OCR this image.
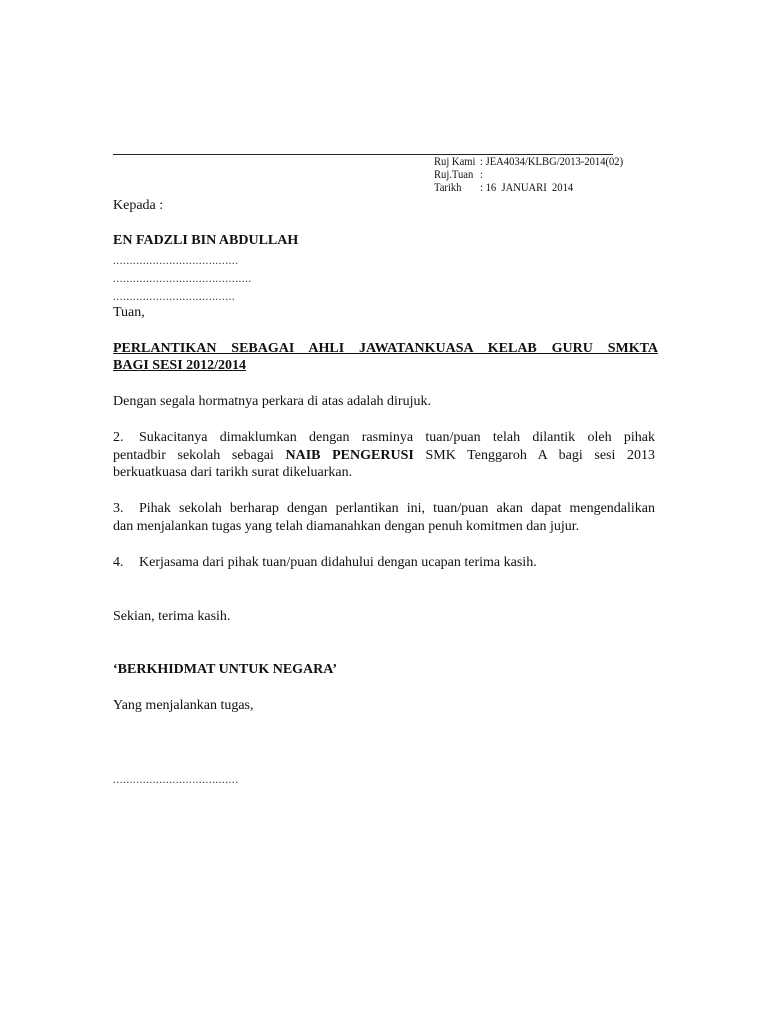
Ruj Kami : JEA4034/KLBG/2013-2014(02)
Ruj.Tuan :
Tarikh : 16  JANUARI  2014
Kepada :
EN FADZLI BIN ABDULLAH
......................................
..........................................
.....................................
Tuan,
PERLANTIKAN SEBAGAI AHLI JAWATANKUASA KELAB GURU SMKTA
BAGI SESI 2012/2014
Dengan segala hormatnya perkara di atas adalah dirujuk.
2. Sukacitanya dimaklumkan dengan rasminya tuan/puan telah dilantik oleh pihak
pentadbir sekolah sebagai NAIB PENGERUSI SMK Tenggaroh A bagi sesi 2013
berkuatkuasa dari tarikh surat dikeluarkan.
3. Pihak sekolah berharap dengan perlantikan ini, tuan/puan akan dapat mengendalikan
dan menjalankan tugas yang telah diamanahkan dengan penuh komitmen dan jujur.
4. Kerjasama dari pihak tuan/puan didahului dengan ucapan terima kasih.
Sekian, terima kasih.
‘BERKHIDMAT UNTUK NEGARA’
Yang menjalankan tugas,
......................................
